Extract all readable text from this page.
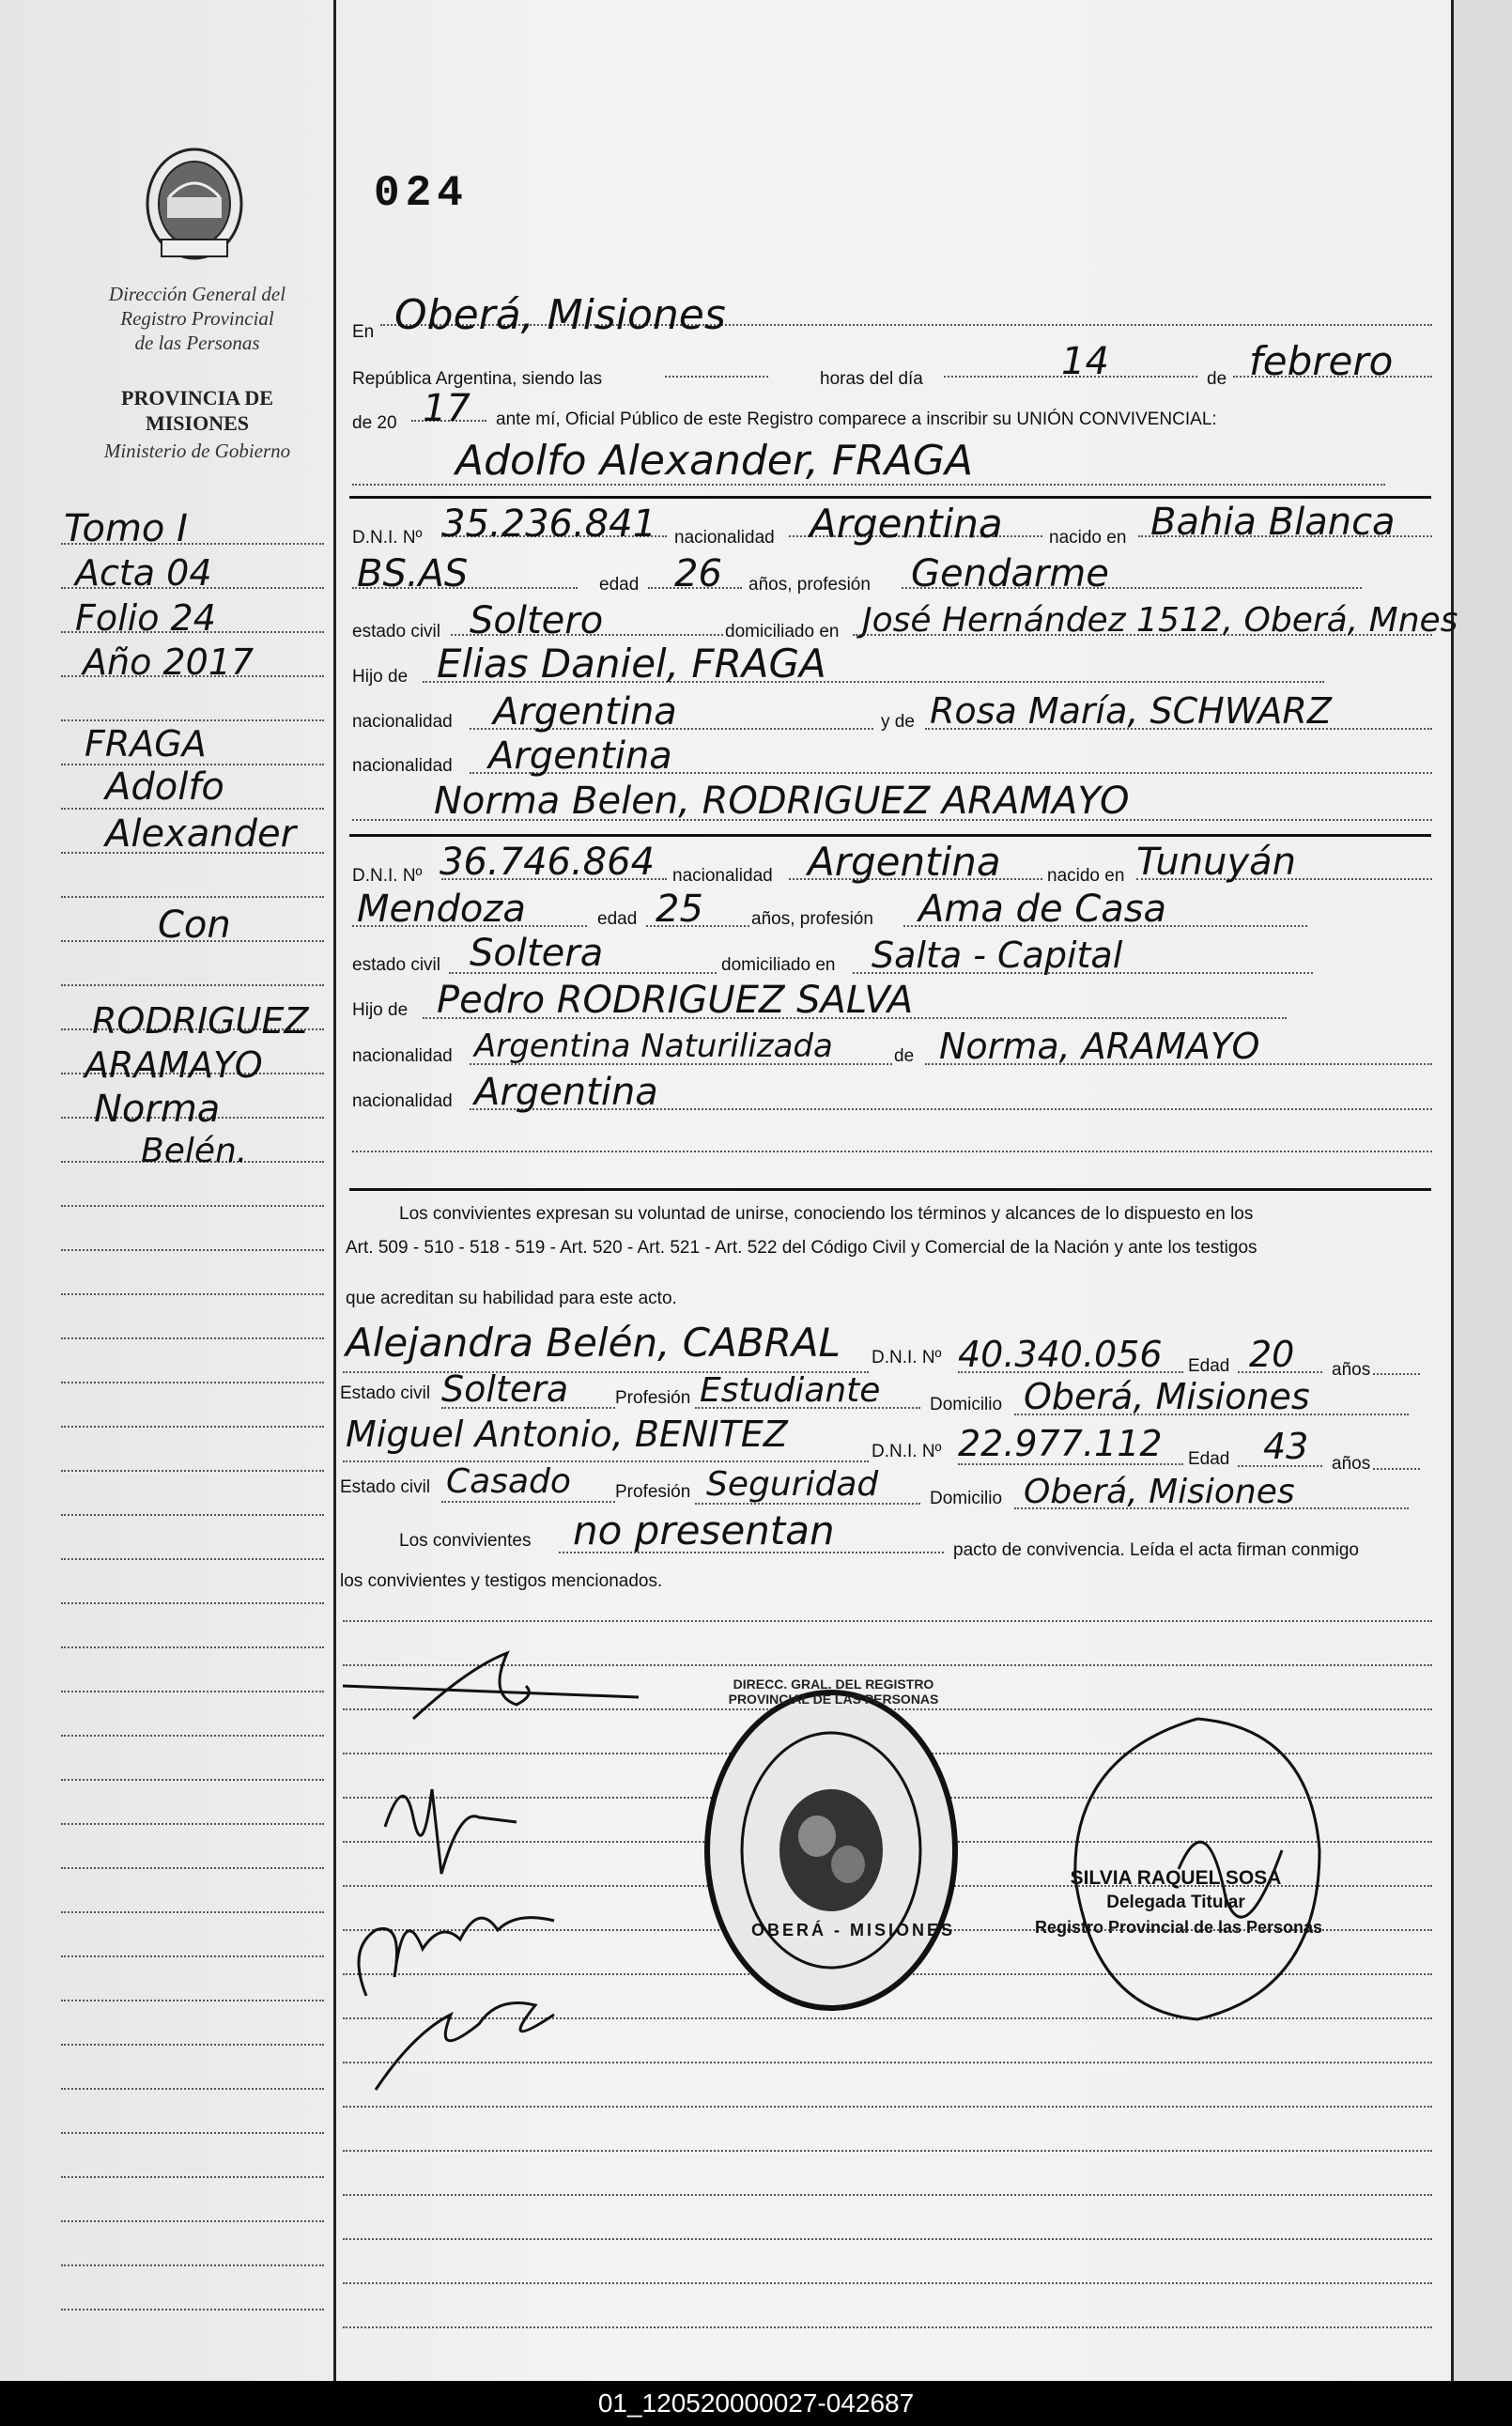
Dirección General del
Registro Provincial
de las Personas
PROVINCIA DE
MISIONES
Ministerio de Gobierno
024
Tomo I
Acta 04
Folio 24
Año 2017
FRAGA
Adolfo
Alexander
Con
RODRIGUEZ
ARAMAYO
Norma
Belén.
En Oberá, Misiones
República Argentina, siendo las	horas del día	14	de febrero
de 20 17 ante mí, Oficial Público de este Registro comparece a inscribir su UNIÓN CONVIVENCIAL:
Adolfo Alexander, FRAGA
D.N.I. Nº 35.236.841 nacionalidad Argentina	nacido en Bahia Blanca
BS.AS	edad 26 años, profesión Gendarme
estado civil Soltero	domiciliado en José Hernández 1512, Oberá, Mnes
Hijo de Elias Daniel, FRAGA
nacionalidad Argentina	y de Rosa María, SCHWARZ
nacionalidad Argentina
Norma Belen, RODRIGUEZ ARAMAYO
D.N.I. Nº 36.746.864 nacionalidad Argentina	nacido en Tunuyán
Mendoza	edad 25	años, profesión Ama de Casa
estado civil Soltera	domiciliado en Salta - Capital
Hijo de Pedro RODRIGUEZ SALVA
nacionalidad Argentina Naturilizada	de Norma, ARAMAYO
nacionalidad Argentina
Los convivientes expresan su voluntad de unirse, conociendo los términos y alcances de lo dispuesto en los
Art. 509 - 510 - 518 - 519 - Art. 520 - Art. 521 - Art. 522 del Código Civil y Comercial de la Nación y ante los testigos
que acreditan su habilidad para este acto.
Alejandra Belén, CABRAL D.N.I. Nº 40.340.056 Edad 20 años
Estado civil Soltera	Profesión Estudiante	Domicilio Oberá, Misiones
Miguel Antonio, BENITEZ	D.N.I. Nº 22.977.112 Edad 43 años
Estado civil Casado Profesión Seguridad	Domicilio Oberá, Misiones
Los convivientes no presentan	pacto de convivencia. Leída el acta firman conmigo
los convivientes y testigos mencionados.
OBERÁ - MISIONES
DIRECC. GRAL. DEL REGISTRO PROVINCIAL DE LAS PERSONAS
SILVIA RAQUEL SOSA
Delegada Titular
Registro Provincial de las Personas
01_120520000027-042687
